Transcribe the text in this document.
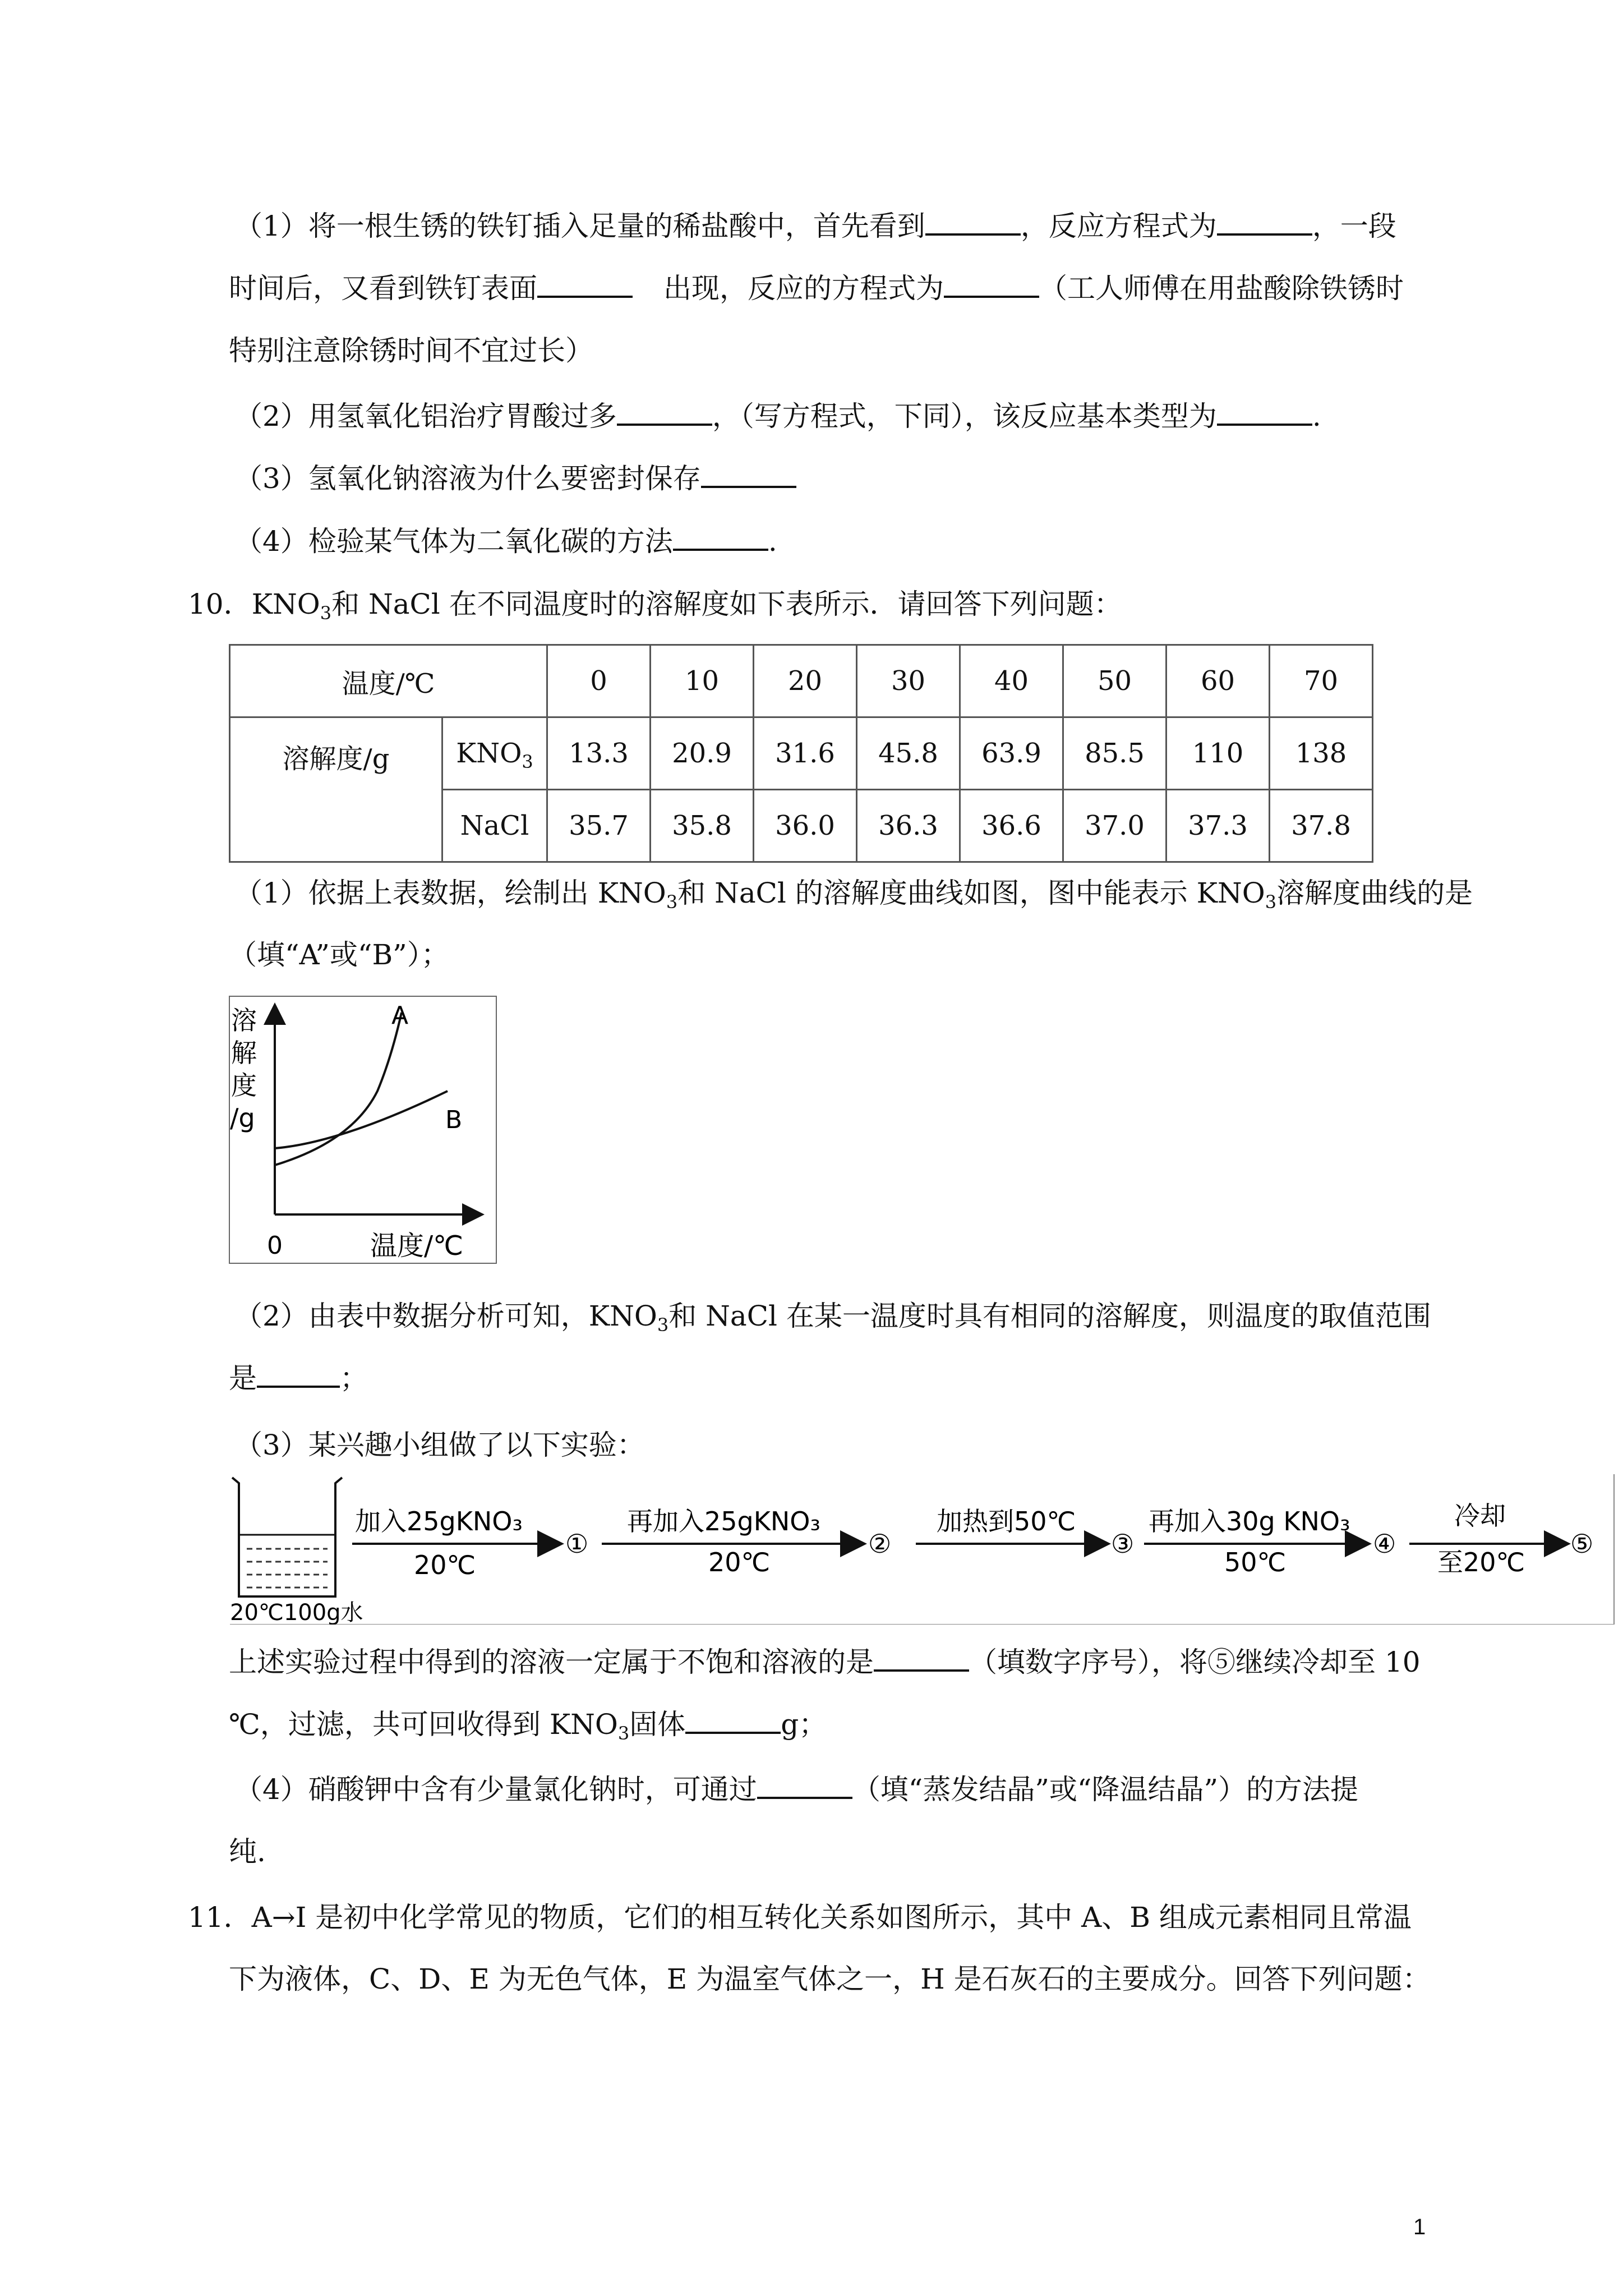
（1）将一根生锈的铁钉插入足量的稀盐酸中，首先看到	，反应方程式为	，一段
时间后，又看到铁钉表面	出现，反应的方程式为	（工人师傅在用盐酸除铁锈时
特别注意除锈时间不宜过长）
（2）用氢氧化铝治疗胃酸过多	，（写方程式，下同），该反应基本类型为	.
（3）氢氧化钠溶液为什么要密封保存
（4）检验某气体为二氧化碳的方法	.
10．$KNO_3$和 NaCl 在不同温度时的溶解度如下表所示．请回答下列问题：
温度/℃		0	10	20	30	40	50	60	70
溶解度/g	$KNO_3$	13.3	20.9	31.6	45.8	63.9	85.5	110	138
	NaCl	35.7	35.8	36.0	36.3	36.6	37.0	37.3	37.8
（1）依据上表数据，绘制出 $KNO_3$和 NaCl 的溶解度曲线如图，图中能表示 $KNO_3$溶解度曲线的是
（填“A”或“B”）；
溶
解
度
/g
A
B
0	温度/℃
（2）由表中数据分析可知，$KNO_3$和 NaCl 在某一温度时具有相同的溶解度，则温度的取值范围
是	；
（3）某兴趣小组做了以下实验：
20℃100g水
加入25gKNO₃
20℃
①
再加入25gKNO₃
20℃
②
加热到50℃
③
再加入30g KNO₃
50℃
④
冷却
至20℃
⑤
上述实验过程中得到的溶液一定属于不饱和溶液的是	（填数字序号），将⑤继续冷却至 10
℃，过滤，共可回收得到 $KNO_3$固体	g；
（4）硝酸钾中含有少量氯化钠时，可通过	（填“蒸发结晶”或“降温结晶”）的方法提
纯.
11．A→I 是初中化学常见的物质，它们的相互转化关系如图所示，其中 A、B 组成元素相同且常温
下为液体，C、D、E 为无色气体，E 为温室气体之一，H 是石灰石的主要成分。回答下列问题：
1
